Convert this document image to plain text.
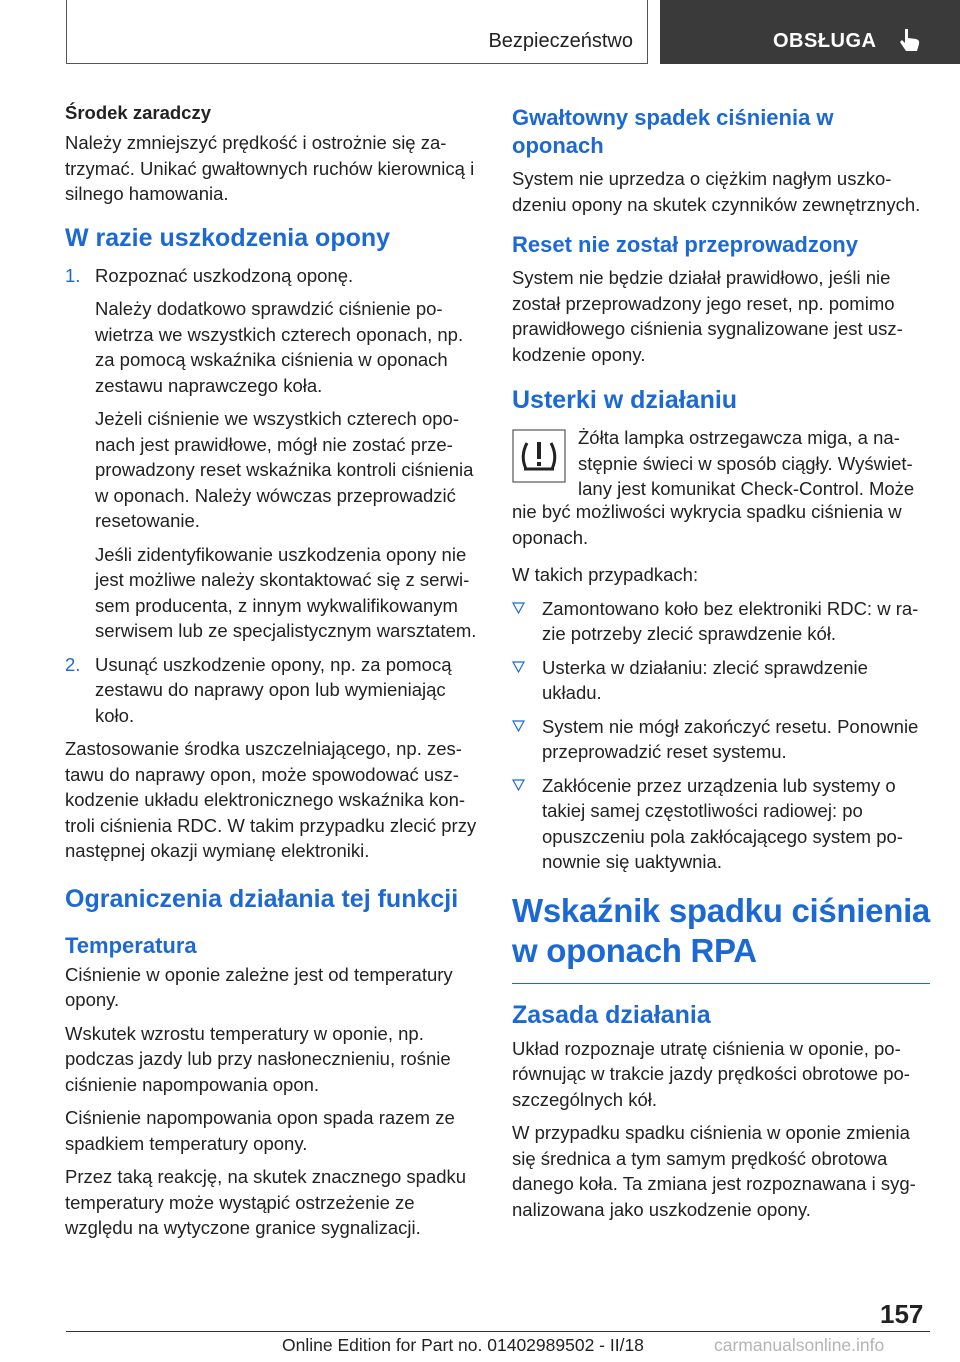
Bezpieczeństwo	OBSŁUGA
Środek zaradczy

Należy zmniejszyć prędkość i ostrożnie się zatrzymać. Unikać gwałtownych ruchów kierownicą i silnego hamowania.

W razie uszkodzenia opony
1. Rozpoznać uszkodzoną oponę.

Należy dodatkowo sprawdzić ciśnienie powietrza we wszystkich czterech oponach, np. za pomocą wskaźnika ciśnienia w oponach zestawu naprawczego koła.

Jeżeli ciśnienie we wszystkich czterech oponach jest prawidłowe, mógł nie zostać przeprowadzony reset wskaźnika kontroli ciśnienia w oponach. Należy wówczas przeprowadzić resetowanie.

Jeśli zidentyfikowanie uszkodzenia opony nie jest możliwe należy skontaktować się z serwisem producenta, z innym wykwalifikowanym serwisem lub ze specjalistycznym warsztatem.

2. Usunąć uszkodzenie opony, np. za pomocą zestawu do naprawy opon lub wymieniając koło.

Zastosowanie środka uszczelniającego, np. zestawu do naprawy opon, może spowodować uszkodzenie układu elektronicznego wskaźnika kontroli ciśnienia RDC. W takim przypadku zlecić przy następnej okazji wymianę elektroniki.

Ograniczenia działania tej funkcji
Temperatura

Ciśnienie w oponie zależne jest od temperatury opony.

Wskutek wzrostu temperatury w oponie, np. podczas jazdy lub przy nasłonecznieniu, rośnie ciśnienie napompowania opon.

Ciśnienie napompowania opon spada razem ze spadkiem temperatury opony.

Przez taką reakcję, na skutek znacznego spadku temperatury może wystąpić ostrzeżenie ze względu na wytyczone granice sygnalizacji.

Gwałtowny spadek ciśnienia w oponach

System nie uprzedza o ciężkim nagłym uszkodzeniu opony na skutek czynników zewnętrznych.

Reset nie został przeprowadzony

System nie będzie działał prawidłowo, jeśli nie został przeprowadzony jego reset, np. pomimo prawidłowego ciśnienia sygnalizowane jest uszkodzenie opony.

Usterki w działaniu

Żółta lampka ostrzegawcza miga, a następnie świeci w sposób ciągły. Wyświetlany jest komunikat Check-Control. Może

nie być możliwości wykrycia spadku ciśnienia w oponach.

W takich przypadkach:

Zamontowano koło bez elektroniki RDC: w razie potrzeby zlecić sprawdzenie kół.

Usterka w działaniu: zlecić sprawdzenie układu.

System nie mógł zakończyć resetu. Ponownie przeprowadzić reset systemu.

Zakłócenie przez urządzenia lub systemy o takiej samej częstotliwości radiowej: po opuszczeniu pola zakłócającego system ponownie się uaktywnia.

Wskaźnik spadku ciśnienia w oponach RPA
Zasada działania

Układ rozpoznaje utratę ciśnienia w oponie, porównując w trakcie jazdy prędkości obrotowe poszczególnych kół.

W przypadku spadku ciśnienia w oponie zmienia się średnica a tym samym prędkość obrotowa danego koła. Ta zmiana jest rozpoznawana i sygnalizowana jako uszkodzenie opony.

157
Online Edition for Part no. 01402989502 - II/18	carmanualsonline.info
